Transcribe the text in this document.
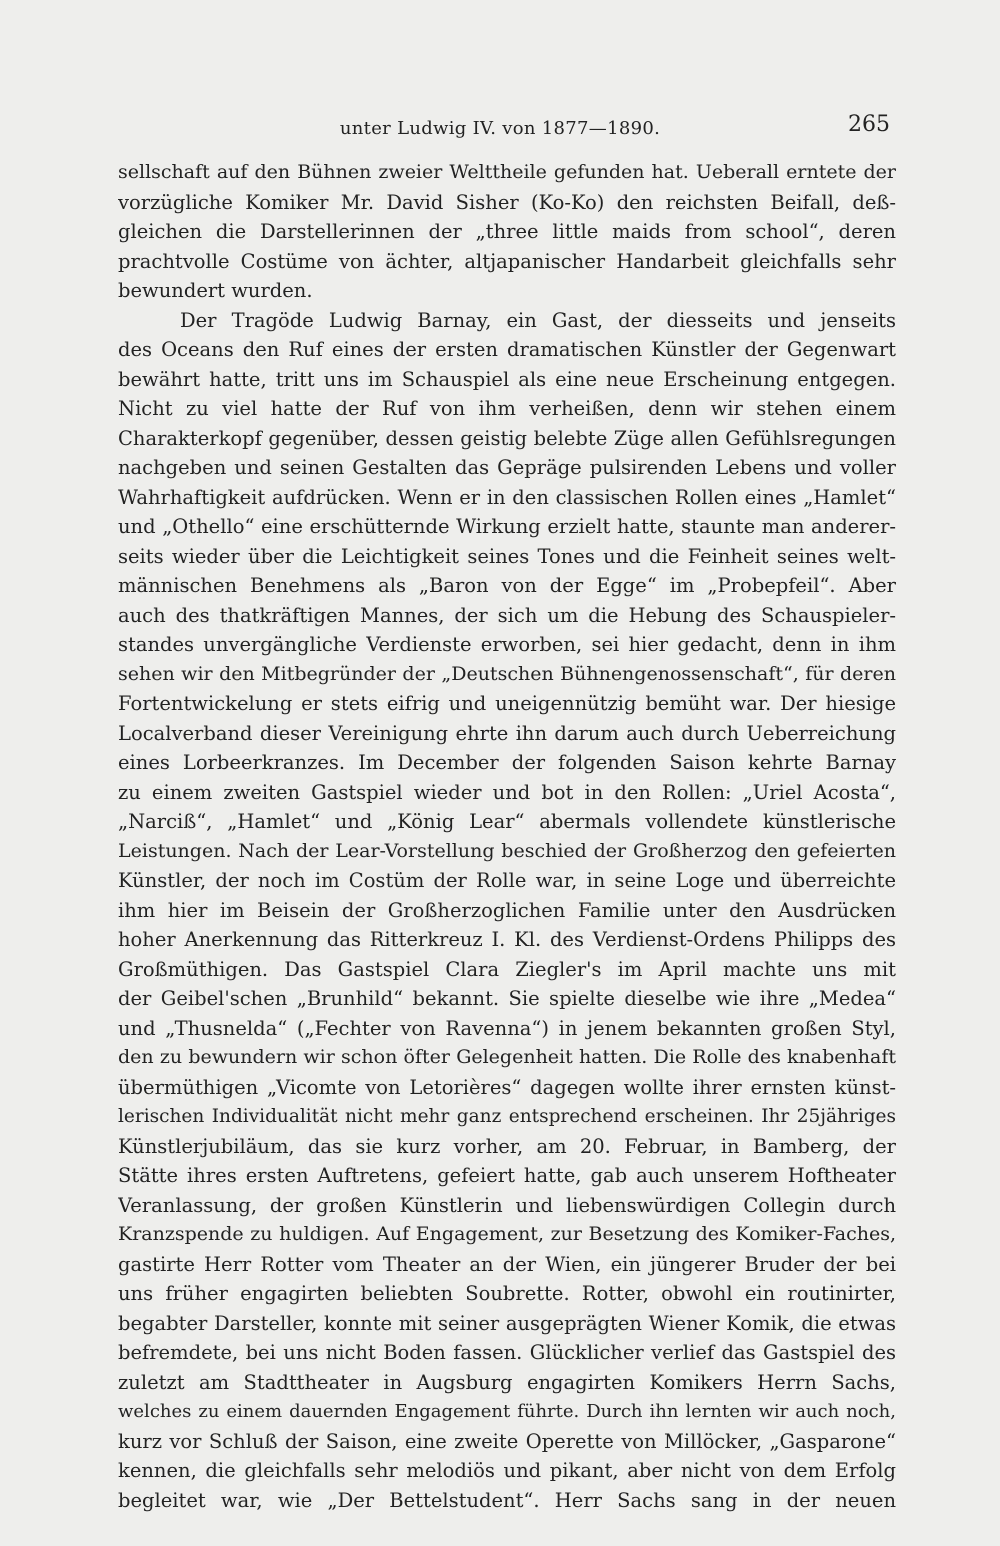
unter Ludwig IV. von 1877—1890.	265
sellschaft auf den Bühnen zweier Welttheile gefunden hat. Ueberall erntete der
vorzügliche Komiker Mr. David Sisher (Ko-Ko) den reichsten Beifall, deß-
gleichen die Darstellerinnen der „three little maids from school“, deren
prachtvolle Costüme von ächter, altjapanischer Handarbeit gleichfalls sehr
bewundert wurden.
Der Tragöde Ludwig Barnay, ein Gast, der diesseits und jenseits
des Oceans den Ruf eines der ersten dramatischen Künstler der Gegenwart
bewährt hatte, tritt uns im Schauspiel als eine neue Erscheinung entgegen.
Nicht zu viel hatte der Ruf von ihm verheißen, denn wir stehen einem
Charakterkopf gegenüber, dessen geistig belebte Züge allen Gefühlsregungen
nachgeben und seinen Gestalten das Gepräge pulsirenden Lebens und voller
Wahrhaftigkeit aufdrücken. Wenn er in den classischen Rollen eines „Hamlet“
und „Othello“ eine erschütternde Wirkung erzielt hatte, staunte man anderer-
seits wieder über die Leichtigkeit seines Tones und die Feinheit seines welt-
männischen Benehmens als „Baron von der Egge“ im „Probepfeil“. Aber
auch des thatkräftigen Mannes, der sich um die Hebung des Schauspieler-
standes unvergängliche Verdienste erworben, sei hier gedacht, denn in ihm
sehen wir den Mitbegründer der „Deutschen Bühnengenossenschaft“, für deren
Fortentwickelung er stets eifrig und uneigennützig bemüht war. Der hiesige
Localverband dieser Vereinigung ehrte ihn darum auch durch Ueberreichung
eines Lorbeerkranzes. Im December der folgenden Saison kehrte Barnay
zu einem zweiten Gastspiel wieder und bot in den Rollen: „Uriel Acosta“,
„Narciß“, „Hamlet“ und „König Lear“ abermals vollendete künstlerische
Leistungen. Nach der Lear-Vorstellung beschied der Großherzog den gefeierten
Künstler, der noch im Costüm der Rolle war, in seine Loge und überreichte
ihm hier im Beisein der Großherzoglichen Familie unter den Ausdrücken
hoher Anerkennung das Ritterkreuz I. Kl. des Verdienst-Ordens Philipps des
Großmüthigen. Das Gastspiel Clara Ziegler's im April machte uns mit
der Geibel'schen „Brunhild“ bekannt. Sie spielte dieselbe wie ihre „Medea“
und „Thusnelda“ („Fechter von Ravenna“) in jenem bekannten großen Styl,
den zu bewundern wir schon öfter Gelegenheit hatten. Die Rolle des knabenhaft
übermüthigen „Vicomte von Letorières“ dagegen wollte ihrer ernsten künst-
lerischen Individualität nicht mehr ganz entsprechend erscheinen. Ihr 25jähriges
Künstlerjubiläum, das sie kurz vorher, am 20. Februar, in Bamberg, der
Stätte ihres ersten Auftretens, gefeiert hatte, gab auch unserem Hoftheater
Veranlassung, der großen Künstlerin und liebenswürdigen Collegin durch
Kranzspende zu huldigen. Auf Engagement, zur Besetzung des Komiker-Faches,
gastirte Herr Rotter vom Theater an der Wien, ein jüngerer Bruder der bei
uns früher engagirten beliebten Soubrette. Rotter, obwohl ein routinirter,
begabter Darsteller, konnte mit seiner ausgeprägten Wiener Komik, die etwas
befremdete, bei uns nicht Boden fassen. Glücklicher verlief das Gastspiel des
zuletzt am Stadttheater in Augsburg engagirten Komikers Herrn Sachs,
welches zu einem dauernden Engagement führte. Durch ihn lernten wir auch noch,
kurz vor Schluß der Saison, eine zweite Operette von Millöcker, „Gasparone“
kennen, die gleichfalls sehr melodiös und pikant, aber nicht von dem Erfolg
begleitet war, wie „Der Bettelstudent“. Herr Sachs sang in der neuen
